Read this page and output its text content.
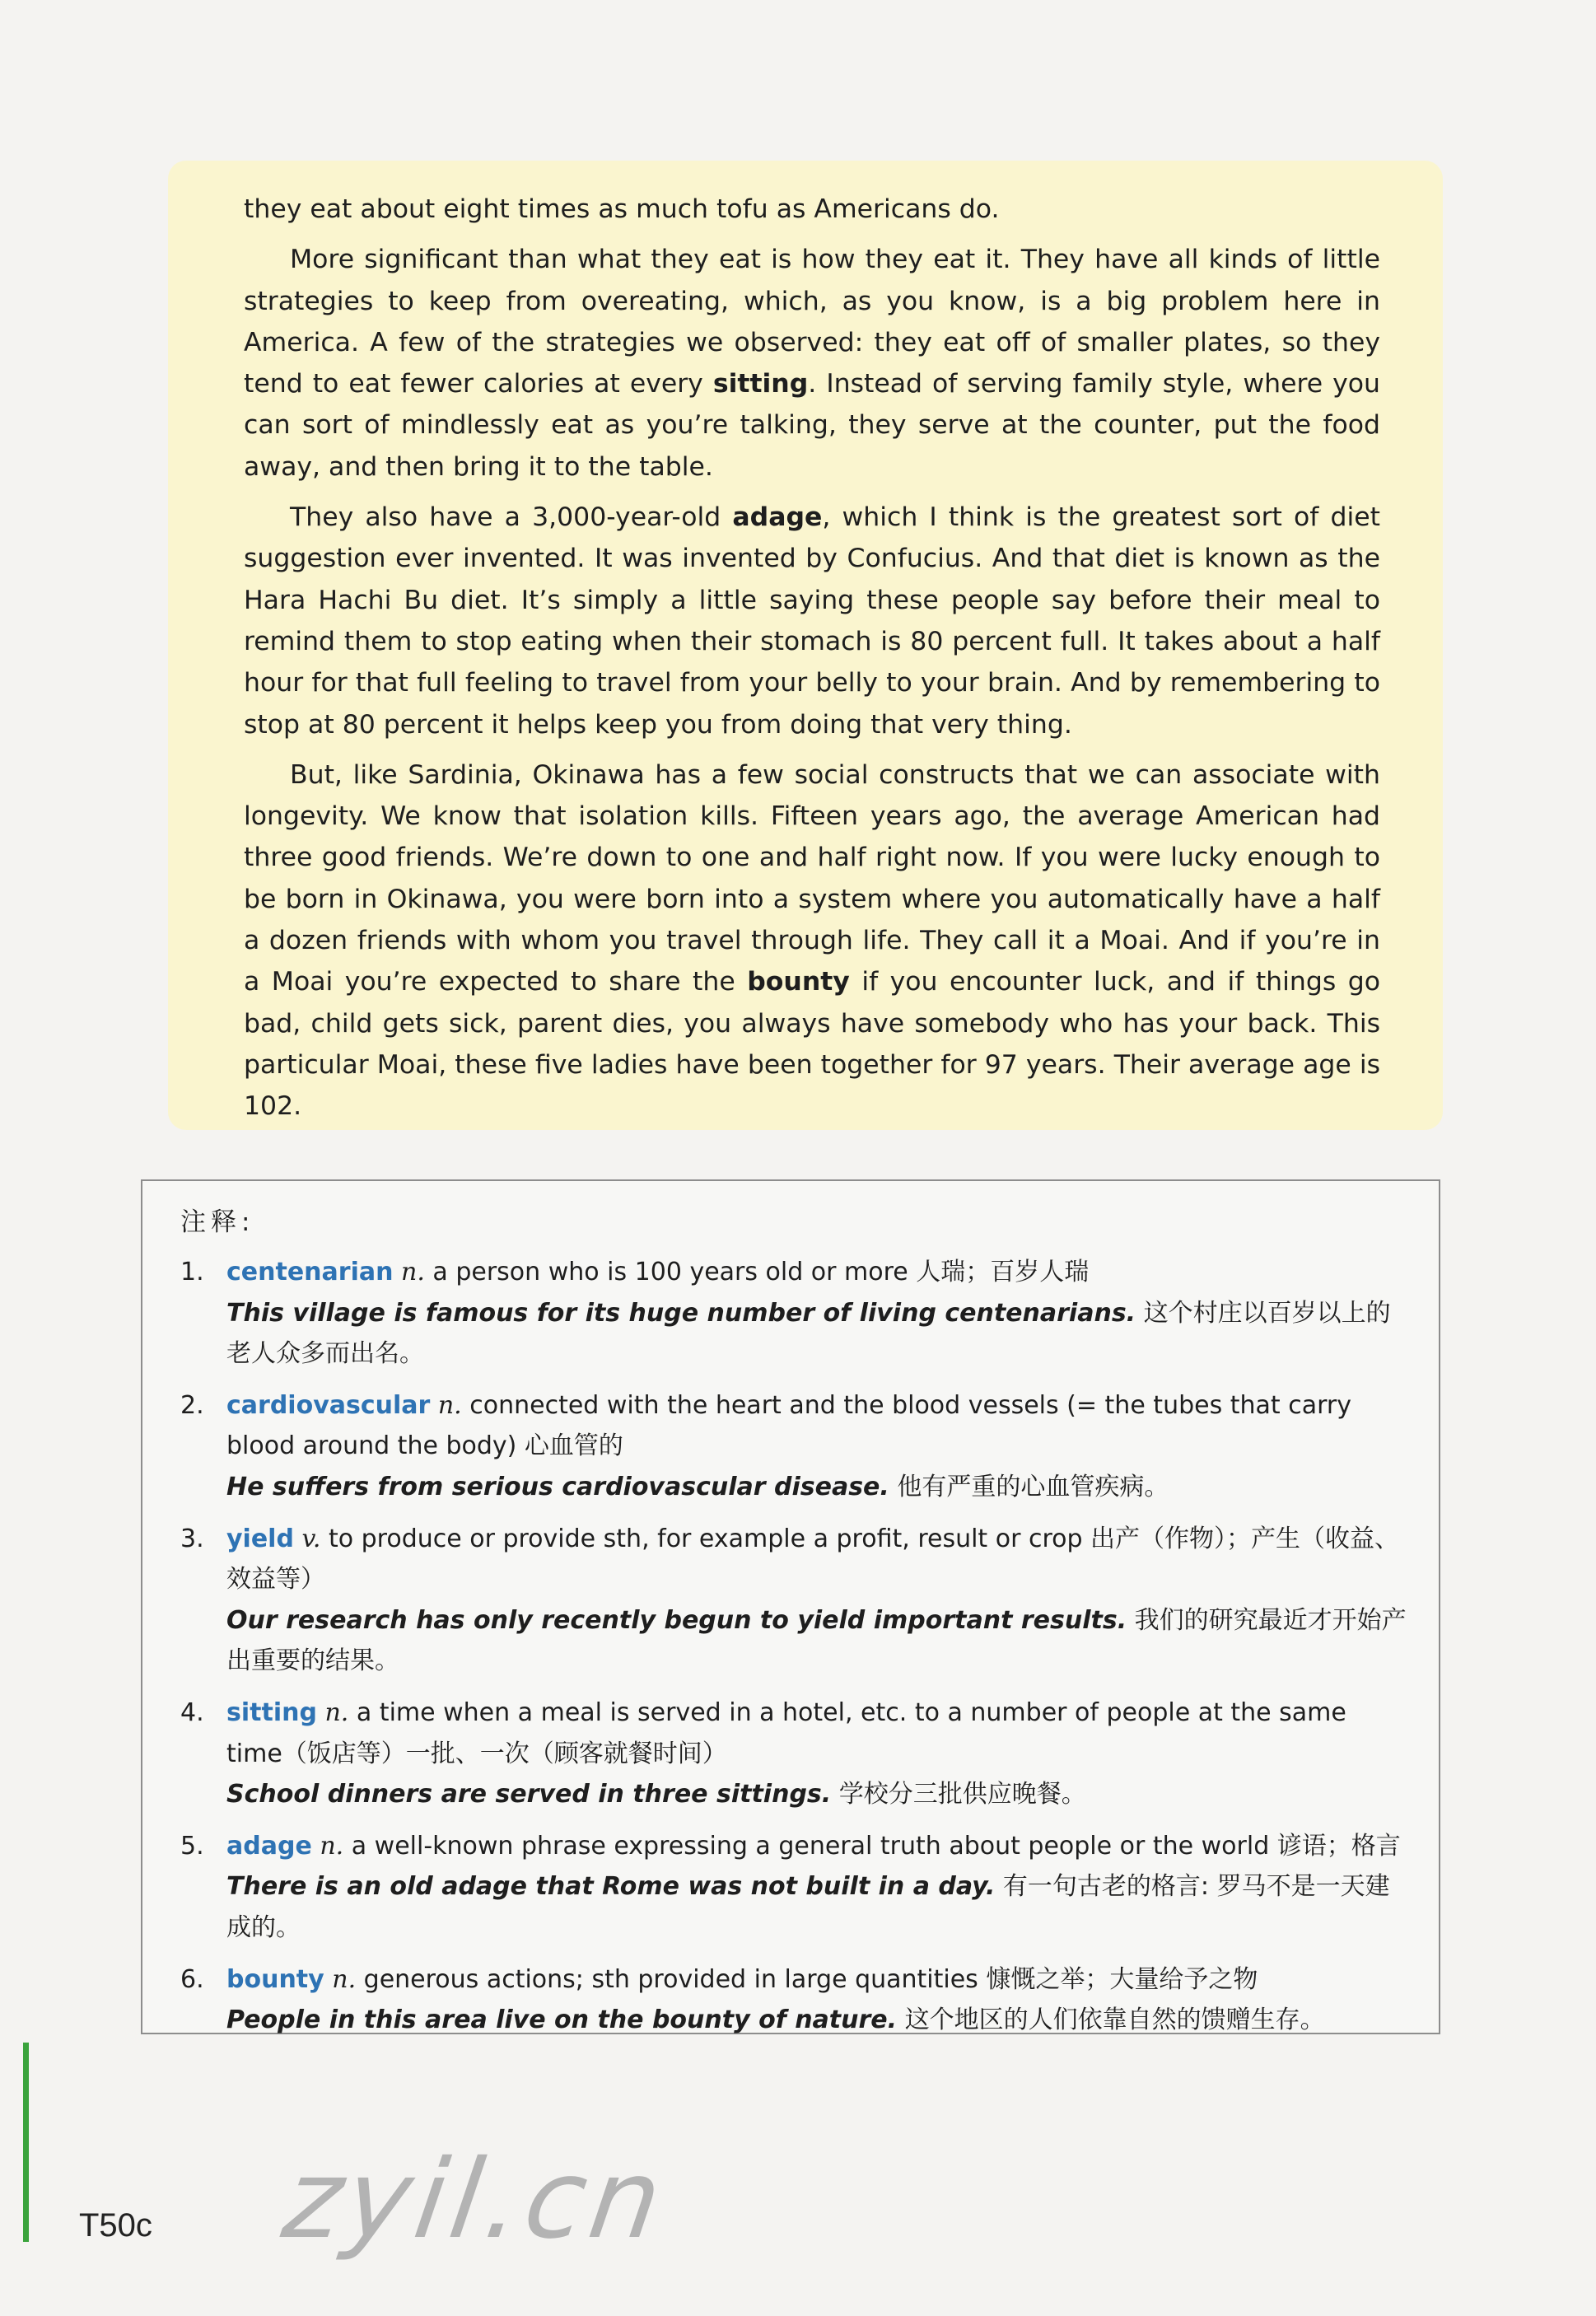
they eat about eight times as much tofu as Americans do.

More significant than what they eat is how they eat it. They have all kinds of little strategies to keep from overeating, which, as you know, is a big problem here in America. A few of the strategies we observed: they eat off of smaller plates, so they tend to eat fewer calories at every sitting. Instead of serving family style, where you can sort of mindlessly eat as you’re talking, they serve at the counter, put the food away, and then bring it to the table.

They also have a 3,000-year-old adage, which I think is the greatest sort of diet suggestion ever invented. It was invented by Confucius. And that diet is known as the Hara Hachi Bu diet. It’s simply a little saying these people say before their meal to remind them to stop eating when their stomach is 80 percent full. It takes about a half hour for that full feeling to travel from your belly to your brain. And by remembering to stop at 80 percent it helps keep you from doing that very thing.

But, like Sardinia, Okinawa has a few social constructs that we can associate with longevity. We know that isolation kills. Fifteen years ago, the average American had three good friends. We’re down to one and half right now. If you were lucky enough to be born in Okinawa, you were born into a system where you automatically have a half a dozen friends with whom you travel through life. They call it a Moai. And if you’re in a Moai you’re expected to share the bounty if you encounter luck, and if things go bad, child gets sick, parent dies, you always have somebody who has your back. This particular Moai, these five ladies have been together for 97 years. Their average age is 102.

注释:
1. centenarian n. a person who is 100 years old or more 人瑞；百岁人瑞
This village is famous for its huge number of living centenarians. 这个村庄以百岁以上的老人众多而出名。
2. cardiovascular n. connected with the heart and the blood vessels (= the tubes that carry blood around the body) 心血管的
He suffers from serious cardiovascular disease. 他有严重的心血管疾病。
3. yield v. to produce or provide sth, for example a profit, result or crop 出产（作物）；产生（收益、效益等）
Our research has only recently begun to yield important results. 我们的研究最近才开始产出重要的结果。
4. sitting n. a time when a meal is served in a hotel, etc. to a number of people at the same time（饭店等）一批、一次（顾客就餐时间）
School dinners are served in three sittings. 学校分三批供应晚餐。
5. adage n. a well-known phrase expressing a general truth about people or the world 谚语；格言
There is an old adage that Rome was not built in a day. 有一句古老的格言: 罗马不是一天建成的。
6. bounty n. generous actions; sth provided in large quantities 慷慨之举；大量给予之物
People in this area live on the bounty of nature. 这个地区的人们依靠自然的馈赠生存。
T50c zyil.cn
